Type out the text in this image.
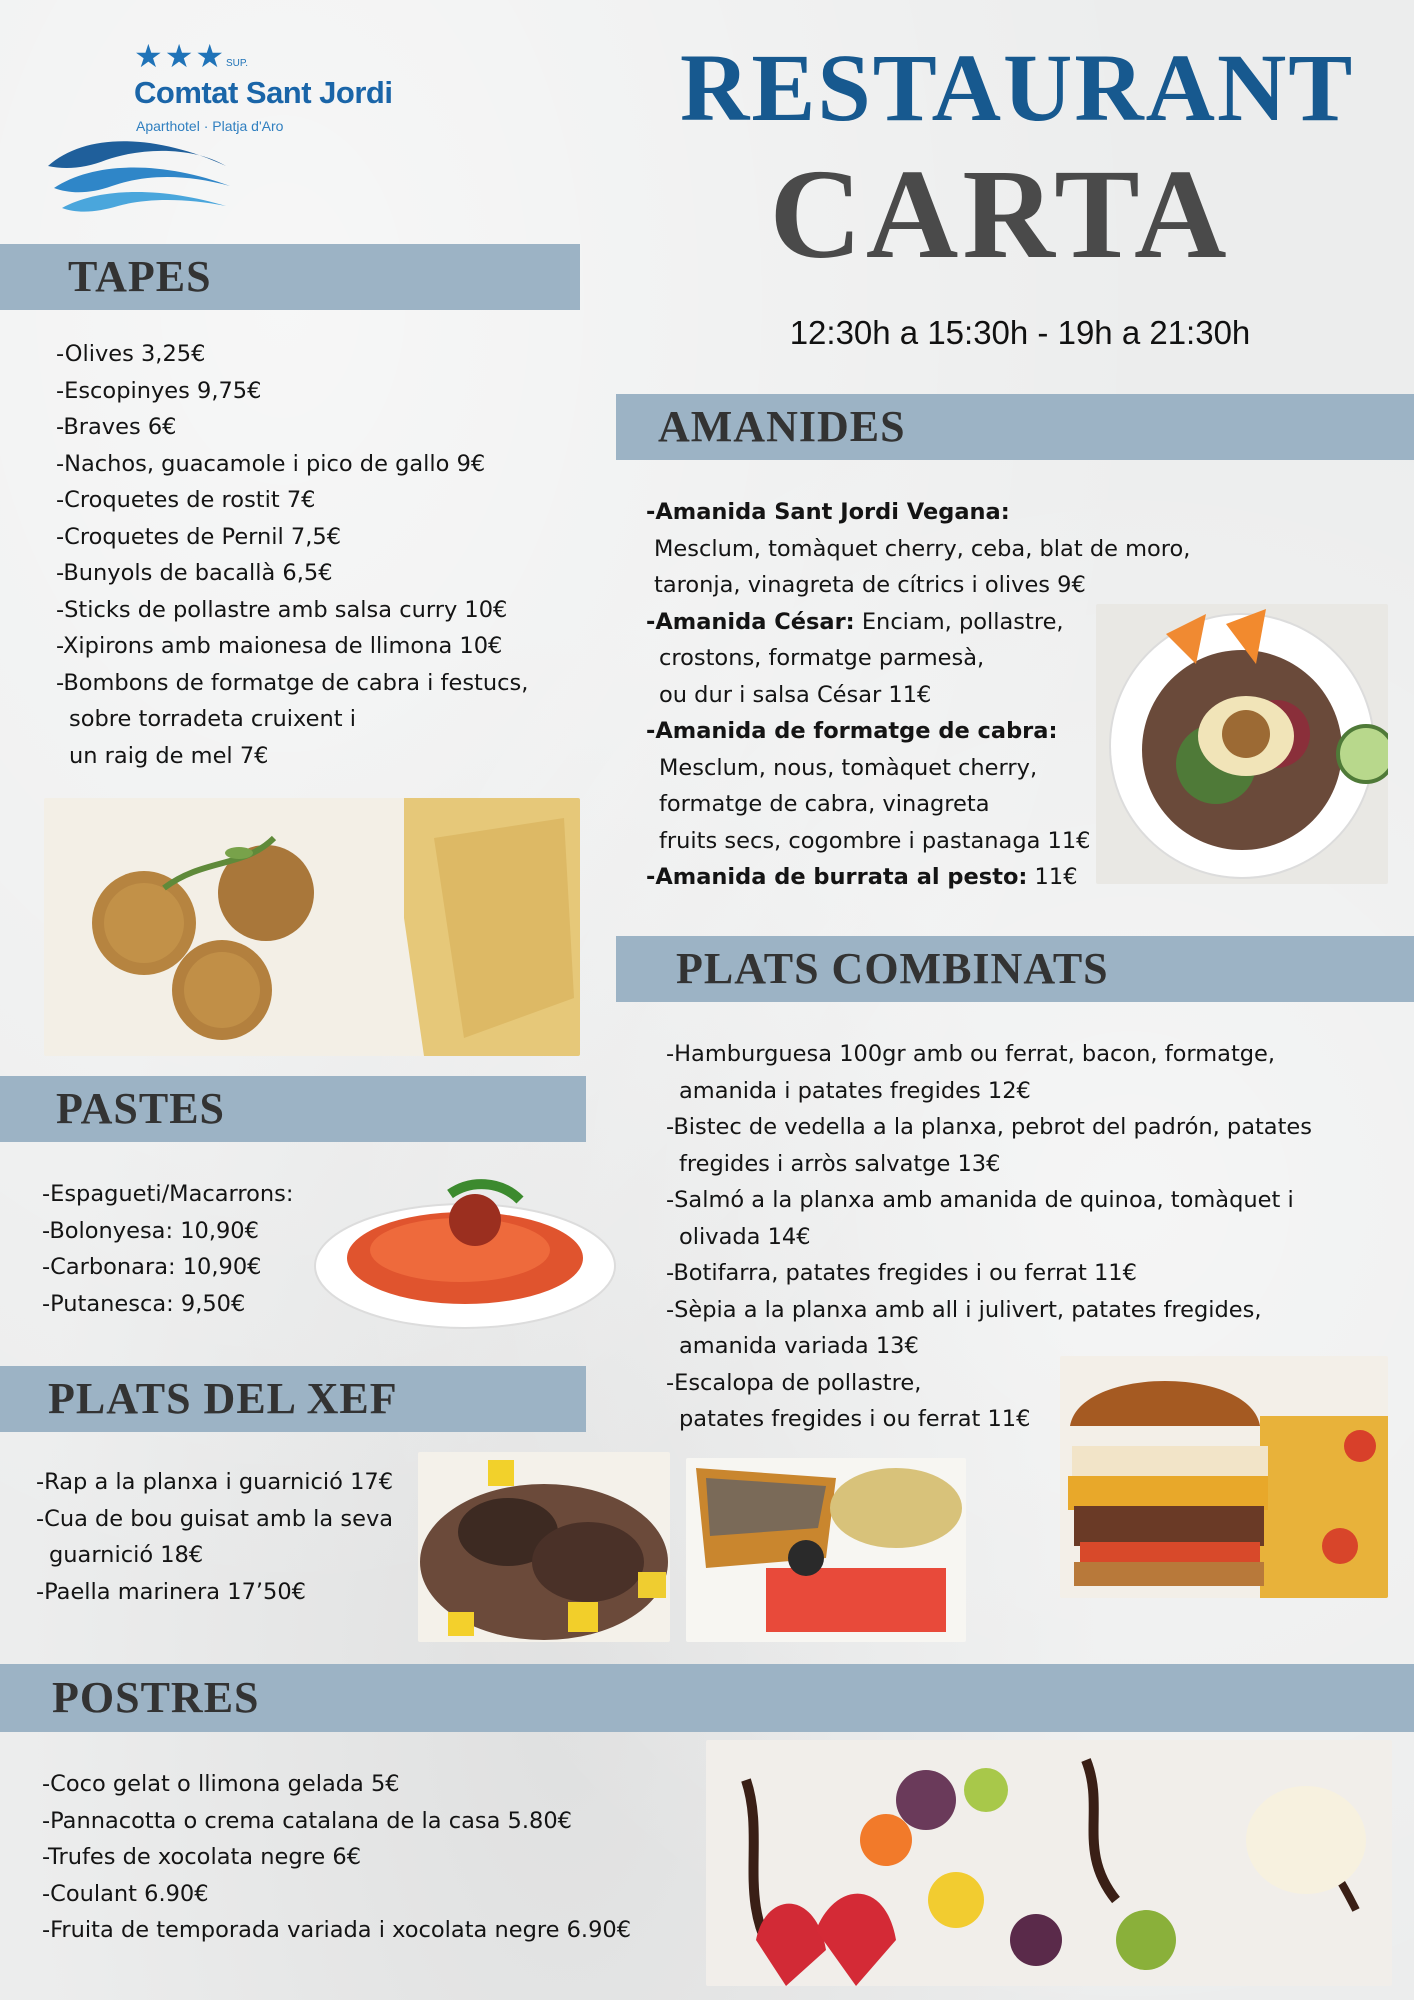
★★★ SUP.
Comtat Sant Jordi
Aparthotel · Platja d'Aro	RESTAURANT
CARTA
12:30h a 15:30h - 19h a 21:30h
TAPES
-Olives 3,25€
-Escopinyes 9,75€
-Braves 6€
-Nachos, guacamole i pico de gallo 9€
-Croquetes de rostit 7€
-Croquetes de Pernil 7,5€
-Bunyols de bacallà 6,5€
-Sticks de pollastre amb salsa curry 10€
-Xipirons amb maionesa de llimona 10€
-Bombons de formatge de cabra i festucs,
sobre torradeta cruixent i
un raig de mel 7€
PASTES
-Espagueti/Macarrons:
-Bolonyesa: 10,90€
-Carbonara: 10,90€
-Putanesca: 9,50€
PLATS DEL XEF
-Rap a la planxa i guarnició 17€
-Cua de bou guisat amb la seva
guarnició 18€
-Paella marinera 17’50€
AMANIDES
-Amanida Sant Jordi Vegana:
Mesclum, tomàquet cherry, ceba, blat de moro,
taronja, vinagreta de cítrics i olives 9€
-Amanida César: Enciam, pollastre,
crostons, formatge parmesà,
ou dur i salsa César 11€
-Amanida de formatge de cabra:
Mesclum, nous, tomàquet cherry,
formatge de cabra, vinagreta
fruits secs, cogombre i pastanaga 11€
-Amanida de burrata al pesto: 11€
PLATS COMBINATS
-Hamburguesa 100gr amb ou ferrat, bacon, formatge,
amanida i patates fregides 12€
-Bistec de vedella a la planxa, pebrot del padrón, patates
fregides i arròs salvatge 13€
-Salmó a la planxa amb amanida de quinoa, tomàquet i
olivada 14€
-Botifarra, patates fregides i ou ferrat 11€
-Sèpia a la planxa amb all i julivert, patates fregides,
amanida variada 13€
-Escalopa de pollastre,
patates fregides i ou ferrat 11€
POSTRES
-Coco gelat o llimona gelada 5€
-Pannacotta o crema catalana de la casa 5.80€
-Trufes de xocolata negre 6€
-Coulant 6.90€
-Fruita de temporada variada i xocolata negre 6.90€
